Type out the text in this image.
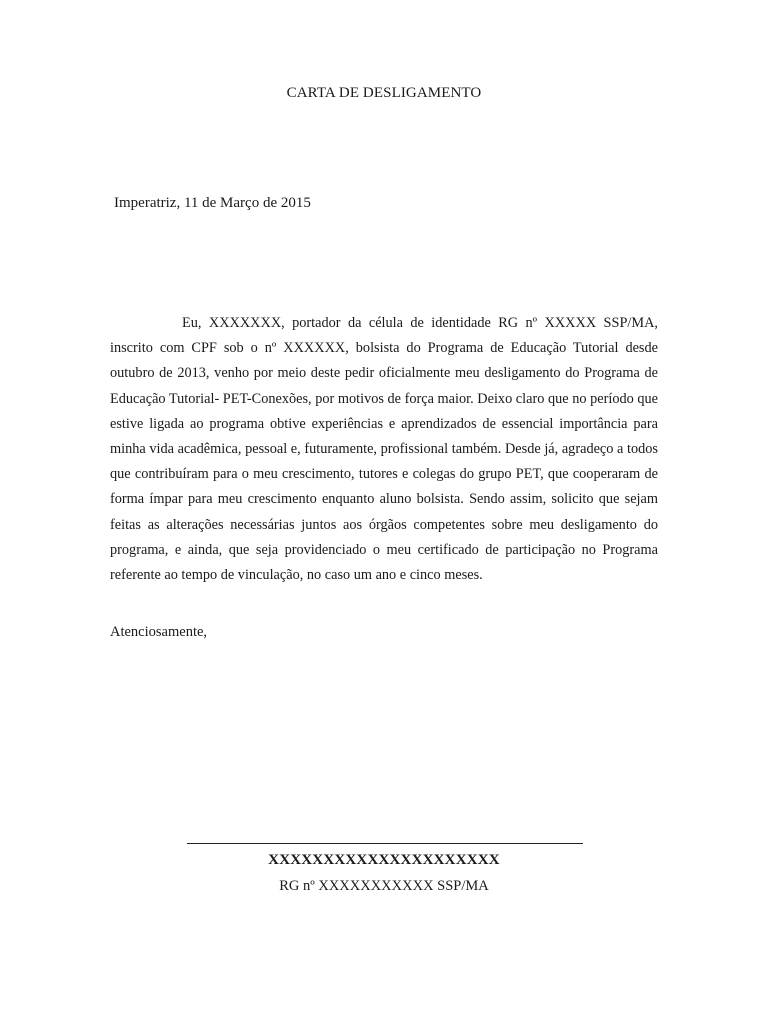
CARTA DE DESLIGAMENTO
Imperatriz, 11 de Março de 2015

Eu, XXXXXXX, portador da célula de identidade RG nº XXXXX SSP/MA, inscrito com CPF sob o nº XXXXXX, bolsista do Programa de Educação Tutorial desde outubro de 2013, venho por meio deste pedir oficialmente meu desligamento do Programa de Educação Tutorial- PET-Conexões, por motivos de força maior. Deixo claro que no período que estive ligada ao programa obtive experiências e aprendizados de essencial importância para minha vida acadêmica, pessoal e, futuramente, profissional também. Desde já, agradeço a todos que contribuíram para o meu crescimento, tutores e colegas do grupo PET, que cooperaram de forma ímpar para meu crescimento enquanto aluno bolsista. Sendo assim, solicito que sejam feitas as alterações necessárias juntos aos órgãos competentes sobre meu desligamento do programa, e ainda, que seja providenciado o meu certificado de participação no Programa referente ao tempo de vinculação, no caso um ano e cinco meses.

Atenciosamente,
XXXXXXXXXXXXXXXXXXXXX
RG nº XXXXXXXXXXX SSP/MA
